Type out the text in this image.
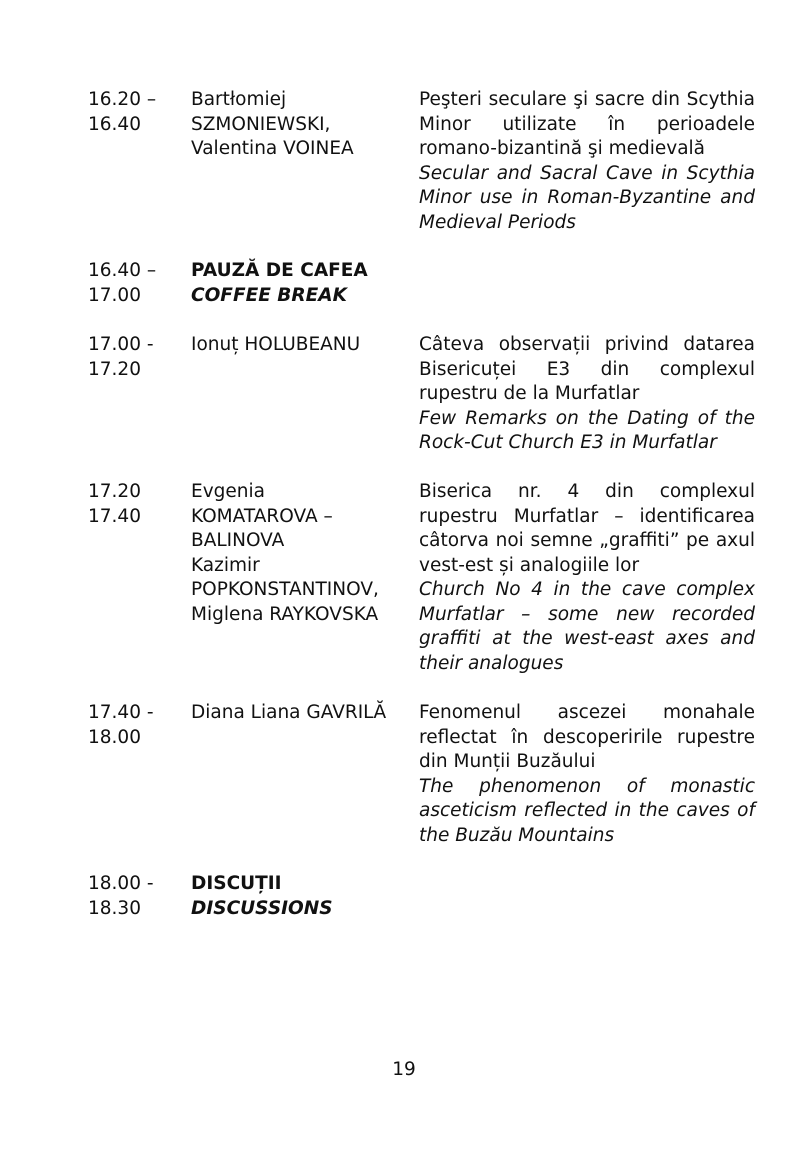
16.20 –
16.40
Bartłomiej
SZMONIEWSKI,
Valentina VOINEA

Peşteri seculare şi sacre din Scythia Minor utilizate în perioadele romano-bizantină şi medievală

Secular and Sacral Cave in Scythia Minor use in Roman-Byzantine and Medieval Periods

16.40 –
17.00
PAUZĂ DE CAFEA
COFFEE BREAK
17.00 -
17.20
Ionuț HOLUBEANU	Câteva observații privind datarea Bisericuței E3 din complexul rupestru de la Murfatlar

Few Remarks on the Dating of the Rock-Cut Church E3 in Murfatlar

17.20
17.40
Evgenia
KOMATAROVA –
BALINOVA
Kazimir
POPKONSTANTINOV,
Miglena RAYKOVSKA

Biserica nr. 4 din complexul rupestru Murfatlar – identificarea câtorva noi semne „graffiti” pe axul vest-est și analogiile lor

Church No 4 in the cave complex Murfatlar – some new recorded graffiti at the west-east axes and their analogues

17.40 -
18.00
Diana Liana GAVRILĂ	Fenomenul ascezei monahale reflectat în descoperirile rupestre din Munții Buzăului

The phenomenon of monastic asceticism reflected in the caves of the Buzău Mountains

18.00 -
18.30
DISCUȚII
DISCUSSIONS
19
